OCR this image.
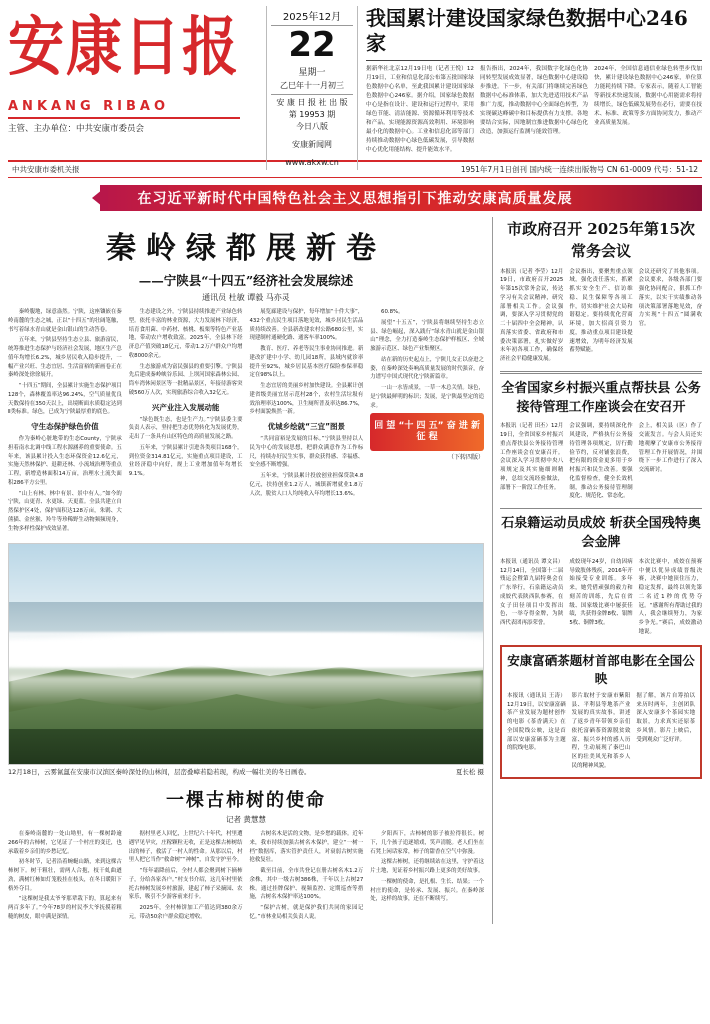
安康日报
ANKANG RIBAO
主管、主办单位：中共安康市委员会
2025年12月
22
星期一
乙巳年十一月初三
安 康 日 报 社 出 版
第 19953 期
今日八版
安康新闻网
www.akxw.cn
我国累计建设国家绿色数据中心246家
据新华社北京12月19日电（记者王悦）12月19日，工业和信息化部公布第五批国家绿色数据中心名单，至此我国累计建设国家绿色数据中心246家。据介绍，国家绿色数据中心是指在设计、建设和运行过程中，采用绿色节能、清洁能源、资源循环利用等技术和产品，实现能源资源高效利用、环境影响最小化的数据中心。工业和信息化部等部门持续推动数据中心绿色低碳发展，引导数据中心优化用能结构、提升能效水平。
报告指出，2024年，我国数字化绿色化协同转型发展成效显著，绿色数据中心建设稳步推进。下一步，有关部门将继续完善绿色数据中心标准体系，加大先进适用技术产品推广力度，推动数据中心全面绿色转型，为实现碳达峰碳中和目标提供有力支撑。各地要结合实际，因地制宜推进数据中心绿色化改造，加强运行监测与能效管理。
2024年，全国信息通信业绿色转型步伐加快，累计建设绿色数据中心246家，单位算力能耗持续下降。专家表示，随着人工智能等新技术快速发展，数据中心用能需求将持续增长，绿色低碳发展势在必行，需要在技术、标准、政策等多方面协同发力，推动产业高质量发展。
中共安康市委机关报	1951年7月1日创刊 国内统一连续出版物号 CN 61-0009 代号：51-12
在习近平新时代中国特色社会主义思想指引下推动安康高质量发展
秦岭绿都展新卷
——宁陕县“十四五”经济社会发展综述
通讯员 杜敏 谭毅 马亦灵

秦岭腹地，绿意盎然。宁陕，这座镶嵌在秦岭南麓的生态之城，正以“十四五”的壮阔笔触，书写着绿水青山就是金山银山的生动答卷。

五年来，宁陕县坚持生态立县、旅游富民，统筹推进生态保护与经济社会发展，地区生产总值年均增长6.2%，城乡居民收入稳步提升，一幅产业兴旺、生态宜居、生活富裕的新画卷正在秦岭深处徐徐展开。

“十四五”期间，全县累计实施生态保护项目128个，森林覆盖率达96.24%，空气质量优良天数保持在350天以上，出境断面水质稳定达到Ⅱ类标准。绿色，已成为宁陕最厚重的底色。

守生态保护绿色价值

作为秦岭心脏地带的生态County，宁陕承担着南水北调中线工程水源涵养的重要使命。五年来，该县累计投入生态环保资金12.6亿元，实施天然林保护、退耕还林、小流域治理等重点工程，新增造林面积14万亩，治理水土流失面积286平方公里。

“山上有林、林中有景、景中有人。”如今的宁陕，山更青、水更绿、天更蓝。全县共建立自然保护区4处，保护面积达128万亩，朱鹮、大熊猫、金丝猴、羚牛等珍稀野生动物频频现身，生物多样性保护成效显著。

生态建设之外，宁陕县持续推进产业绿色转型。依托丰富的林业资源，大力发展林下经济，培育食用菌、中药材、核桃、板栗等特色产业基地，带动农户增收致富。2025年，全县林下经济总产值突破18亿元，带动1.2万户群众户均增收8000余元。

生态旅游成为富民强县的重要引擎。宁陕县先后建成秦岭峡谷乐园、上坝河国家森林公园、筒车湾休闲景区等一批精品景区，年接待游客突破560万人次，实现旅游综合收入32亿元。

兴产业注入发展动能

“绿色既生态，也是生产力。”宁陕县委主要负责人表示，坚持把生态优势转化为发展优势，走出了一条具有山区特色的高质量发展之路。

五年来，宁陕县累计引进各类项目168个，到位资金314.81亿元，实施重点项目建设，工业经济稳中向好，规上工业增加值年均增长9.1%。

展览廊建设与保护，每年增加“十件大事”，432个重点民生项目落地见效，城乡居民生活品质持续改善。全县新改建农村公路680公里，实现建制村通硬化路、通客车率100%。

教育、医疗、养老等民生事业协同推进。新建改扩建中小学、幼儿园18所，县域内就诊率提升至92%，城乡居民基本医疗保险参保率稳定在98%以上。

生态宜居的美丽乡村加快建设。全县累计创建省级美丽宜居示范村28个，农村生活垃圾有效治理率达100%，卫生厕所普及率达86.7%，乡村面貌焕然一新。

优城乡绘就“三宜”图景

“共同富裕是发展的目标。”宁陕县坚持以人民为中心的发展思想，把群众满意作为工作标尺，持续办好民生实事，群众获得感、幸福感、安全感不断增强。

五年来，宁陕县累计投放创业担保贷款4.8亿元，扶持创业1.2万人，城镇新增就业1.8万人次，脱贫人口人均纯收入年均增长13.6%。

60.8%。

展望“十五五”，宁陕县将继续坚持生态立县、绿色崛起，深入践行“绿水青山就是金山银山”理念，全力打造秦岭生态保护样板区、全域旅游示范区、绿色产业集聚区。

站在新的历史起点上，宁陕儿女正以奋进之姿，在秦岭深处奏响高质量发展的时代强音，奋力谱写中国式现代化宁陕新篇章。

一山一水皆成景，一草一木总关情。绿色，是宁陕最鲜明的标识；发展，是宁陕最坚定的追求。

回 望 “十 四 五” 奋 进 新 征 程
（下转四版）
夏长松 摄
12月18日，云雾氤氲在安康市汉滨区秦岭深处的山林间，层峦叠嶂若隐若现，构成一幅壮美的冬日画卷。
一棵古柿树的使命
记者 黄慧慧

在秦岭南麓的一处山坳里，有一棵树龄逾266年的古柿树，它见证了一个村庄的变迁，也承载着乡亲们的乡愁记忆。

初冬时节，记者沿着蜿蜒山路，来到这棵古柿树下。树干粗壮，需两人合抱，枝干虬曲遒劲，满树红柿如灯笼般挂在枝头，在冬日暖阳下格外夺目。

“这棵树是我太爷爷那辈栽下的，算起来有两百多年了。”今年78岁的村民李大爷抚摸着粗糙的树皮，眼中满是深情。

据村里老人回忆，上世纪六十年代，村里遭遇罕见旱灾，庄稼颗粒无收，正是这棵古柿树结出的柿子，救活了一村人的性命。从那以后，村里人把它当作“救命树”“神树”，自发守护至今。

“每年霜降前后，全村人都会聚到树下摘柿子，分给各家各户。”村支书介绍，这几年村里依托古柿树发展乡村旅游，建起了柿子采摘园、农家乐，吸引不少游客前来打卡。

2025年，全村柿饼加工产值达到380余万元，带动50余户群众稳定增收。

古树名木是活的文物，是乡愁的载体。近年来，我市持续加强古树名木保护，建立“一树一档”数据库，落实管护责任人，对衰弱古树实施抢救复壮。

截至目前，全市共登记在册古树名木1.2万余株，其中一级古树386株，千年以上古树27株。通过挂牌保护、视频监控、定期巡查等措施，古树名木保护率达100%。

“保护古树，就是保护我们共同的家园记忆。”市林业局相关负责人说。

夕阳西下，古柿树的影子被拉得很长。树下，几个孩子追逐嬉戏，笑声清脆。老人们坐在石凳上闲话家常，柿子的甜香在空气中弥漫。

这棵古柿树，还将继续站在这里，守护着这片土地，见证着乡村振兴路上更多的美好故事。

一棵树的使命，是扎根、生长、结果；一个村庄的使命，是传承、发展、振兴。在秦岭深处，这样的故事，还在不断续写。

市政府召开 2025年第15次常务会议
本报讯（记者 李莹）12月19日，市政府召开2025年第15次常务会议，传达学习有关会议精神，研究部署相关工作。会议强调，要深入学习贯彻党的二十届四中全会精神，认真落实省委、省政府和市委决策部署，扎实做好岁末年初各项工作，确保经济社会平稳健康发展。
会议指出，要聚焦重点领域，强化责任落实，抓紧抓实安全生产、信访维稳、民生保障等各项工作，切实维护社会大局和谐稳定。要持续优化营商环境，加大招商引资力度，推动重点项目建设提速增效，为明年经济发展蓄势赋能。
会议还研究了其他事项。会议要求，各级各部门要强化协同配合，狠抓工作落实，以实干实绩推动各项决策部署落地见效，奋力实现“十四五”圆满收官。
全省国家乡村振兴重点帮扶县 公务接待管理工作座谈会在安召开
本报讯（记者 田丕）12月19日，全省国家乡村振兴重点帮扶县公务接待管理工作座谈会在安康召开。会议深入学习贯彻中央八项规定及其实施细则精神，总结交流经验做法，部署下一阶段工作任务。
会议强调，要持续深化作风建设，严格执行公务接待管理各项规定，厉行勤俭节约，反对铺张浪费，把有限的资金更多用于乡村振兴和民生改善。要强化监督检查，健全长效机制，推动公务接待管理制度化、规范化、常态化。
会上，相关县（区）作了交流发言。与会人员还实地观摩了安康市公务接待管理工作开展情况，并围绕下一步工作进行了深入交流研讨。
石泉籍运动员成姣 斩获全国残特奥会金牌
本报讯（通讯员 谭文昌）12月14日，全国第十二届残运会暨第九届特奥会在广东举行，石泉籍运动员成姣代表陕西队参赛，在女子田径项目中发挥出色，一举夺得金牌，为陕西代表团再添荣誉。
成姣现年24岁，自幼因病导致肢体残疾，2016年开始接受专业训练。多年来，她凭借顽强的毅力和刻苦的训练，先后在省级、国家级比赛中屡获佳绩，共获得金牌8枚、银牌5枚、铜牌3枚。
本次比赛中，成姣在预赛中便以优异成绩晋级决赛，决赛中她顶住压力，稳定发挥，最终以领先第二名近1秒的优势夺冠。“感谢所有帮助过我的人，我会继续努力，为家乡争光。”赛后，成姣激动地说。
安康富硒茶题材首部电影在全国公映
本报讯（通讯员 王涛）12月19日，以安康富硒茶产业发展为题材创作的电影《茶香满天》在全国院线公映，这是首部以安康富硒茶为主题的院线电影。
影片取材于安康市紫阳县、平利县等地茶产业发展的真实故事，讲述了返乡青年带领乡亲们依托富硒茶资源脱贫致富、振兴乡村的感人历程，生动展现了秦巴山区的壮美风光和茶乡人民的精神风貌。
据了解，该片自筹拍以来历时两年，主创团队深入安康多个茶园实地取景，力求真实还原茶乡风情。影片上映后，受到观众广泛好评。
